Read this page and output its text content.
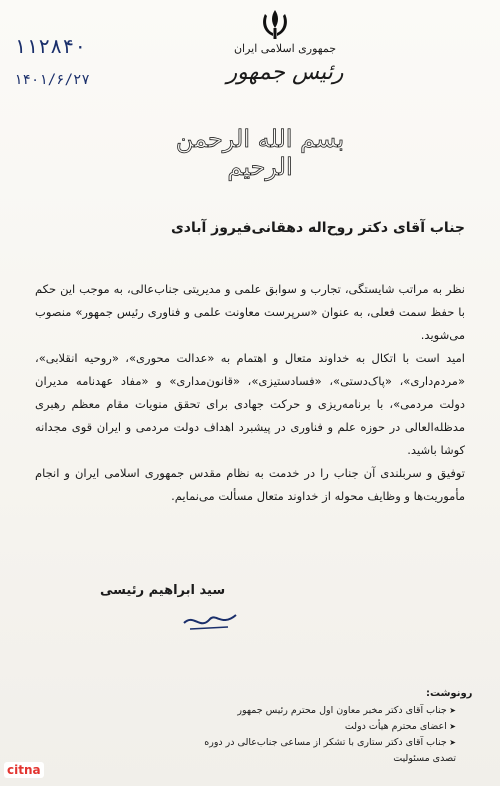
۱۱۲۸۴۰
۱۴۰۱/۶/۲۷
جمهوری اسلامی ایران
رئیس جمهور
بسم الله الرحمن الرحیم
جناب آقای دکتر روح‌اله دهقانی‌فیروز آبادی

نظر به مراتب شایستگی، تجارب و سوابق علمی و مدیریتی جناب‌عالی، به موجب این حکم با حفظ سمت فعلی، به عنوان «سرپرست معاونت علمی و فناوری رئیس جمهور» منصوب می‌شوید.

امید است با اتکال به خداوند متعال و اهتمام به «عدالت محوری»، «روحیه انقلابی»، «مردم‌داری»، «پاک‌دستی»، «فسادستیزی»، «قانون‌مداری» و «مفاد عهدنامه مدیران دولت مردمی»، با برنامه‌ریزی و حرکت جهادی برای تحقق منویات مقام معظم رهبری مدظله‌العالی در حوزه علم و فناوری در پیشبرد اهداف دولت مردمی و ایران قوی مجدانه کوشا باشید.

توفیق و سربلندی آن جناب را در خدمت به نظام مقدس جمهوری اسلامی ایران و انجام مأموریت‌ها و وظایف محوله از خداوند متعال مسألت می‌نمایم.

سید ابراهیم رئیسی
رونوشت:
➤ جناب آقای دکتر مخبر معاون اول محترم رئیس جمهور
➤ اعضای محترم هیأت دولت
➤ جناب آقای دکتر ستاری با تشکر از مساعی جناب‌عالی در دوره تصدی مسئولیت
citna
